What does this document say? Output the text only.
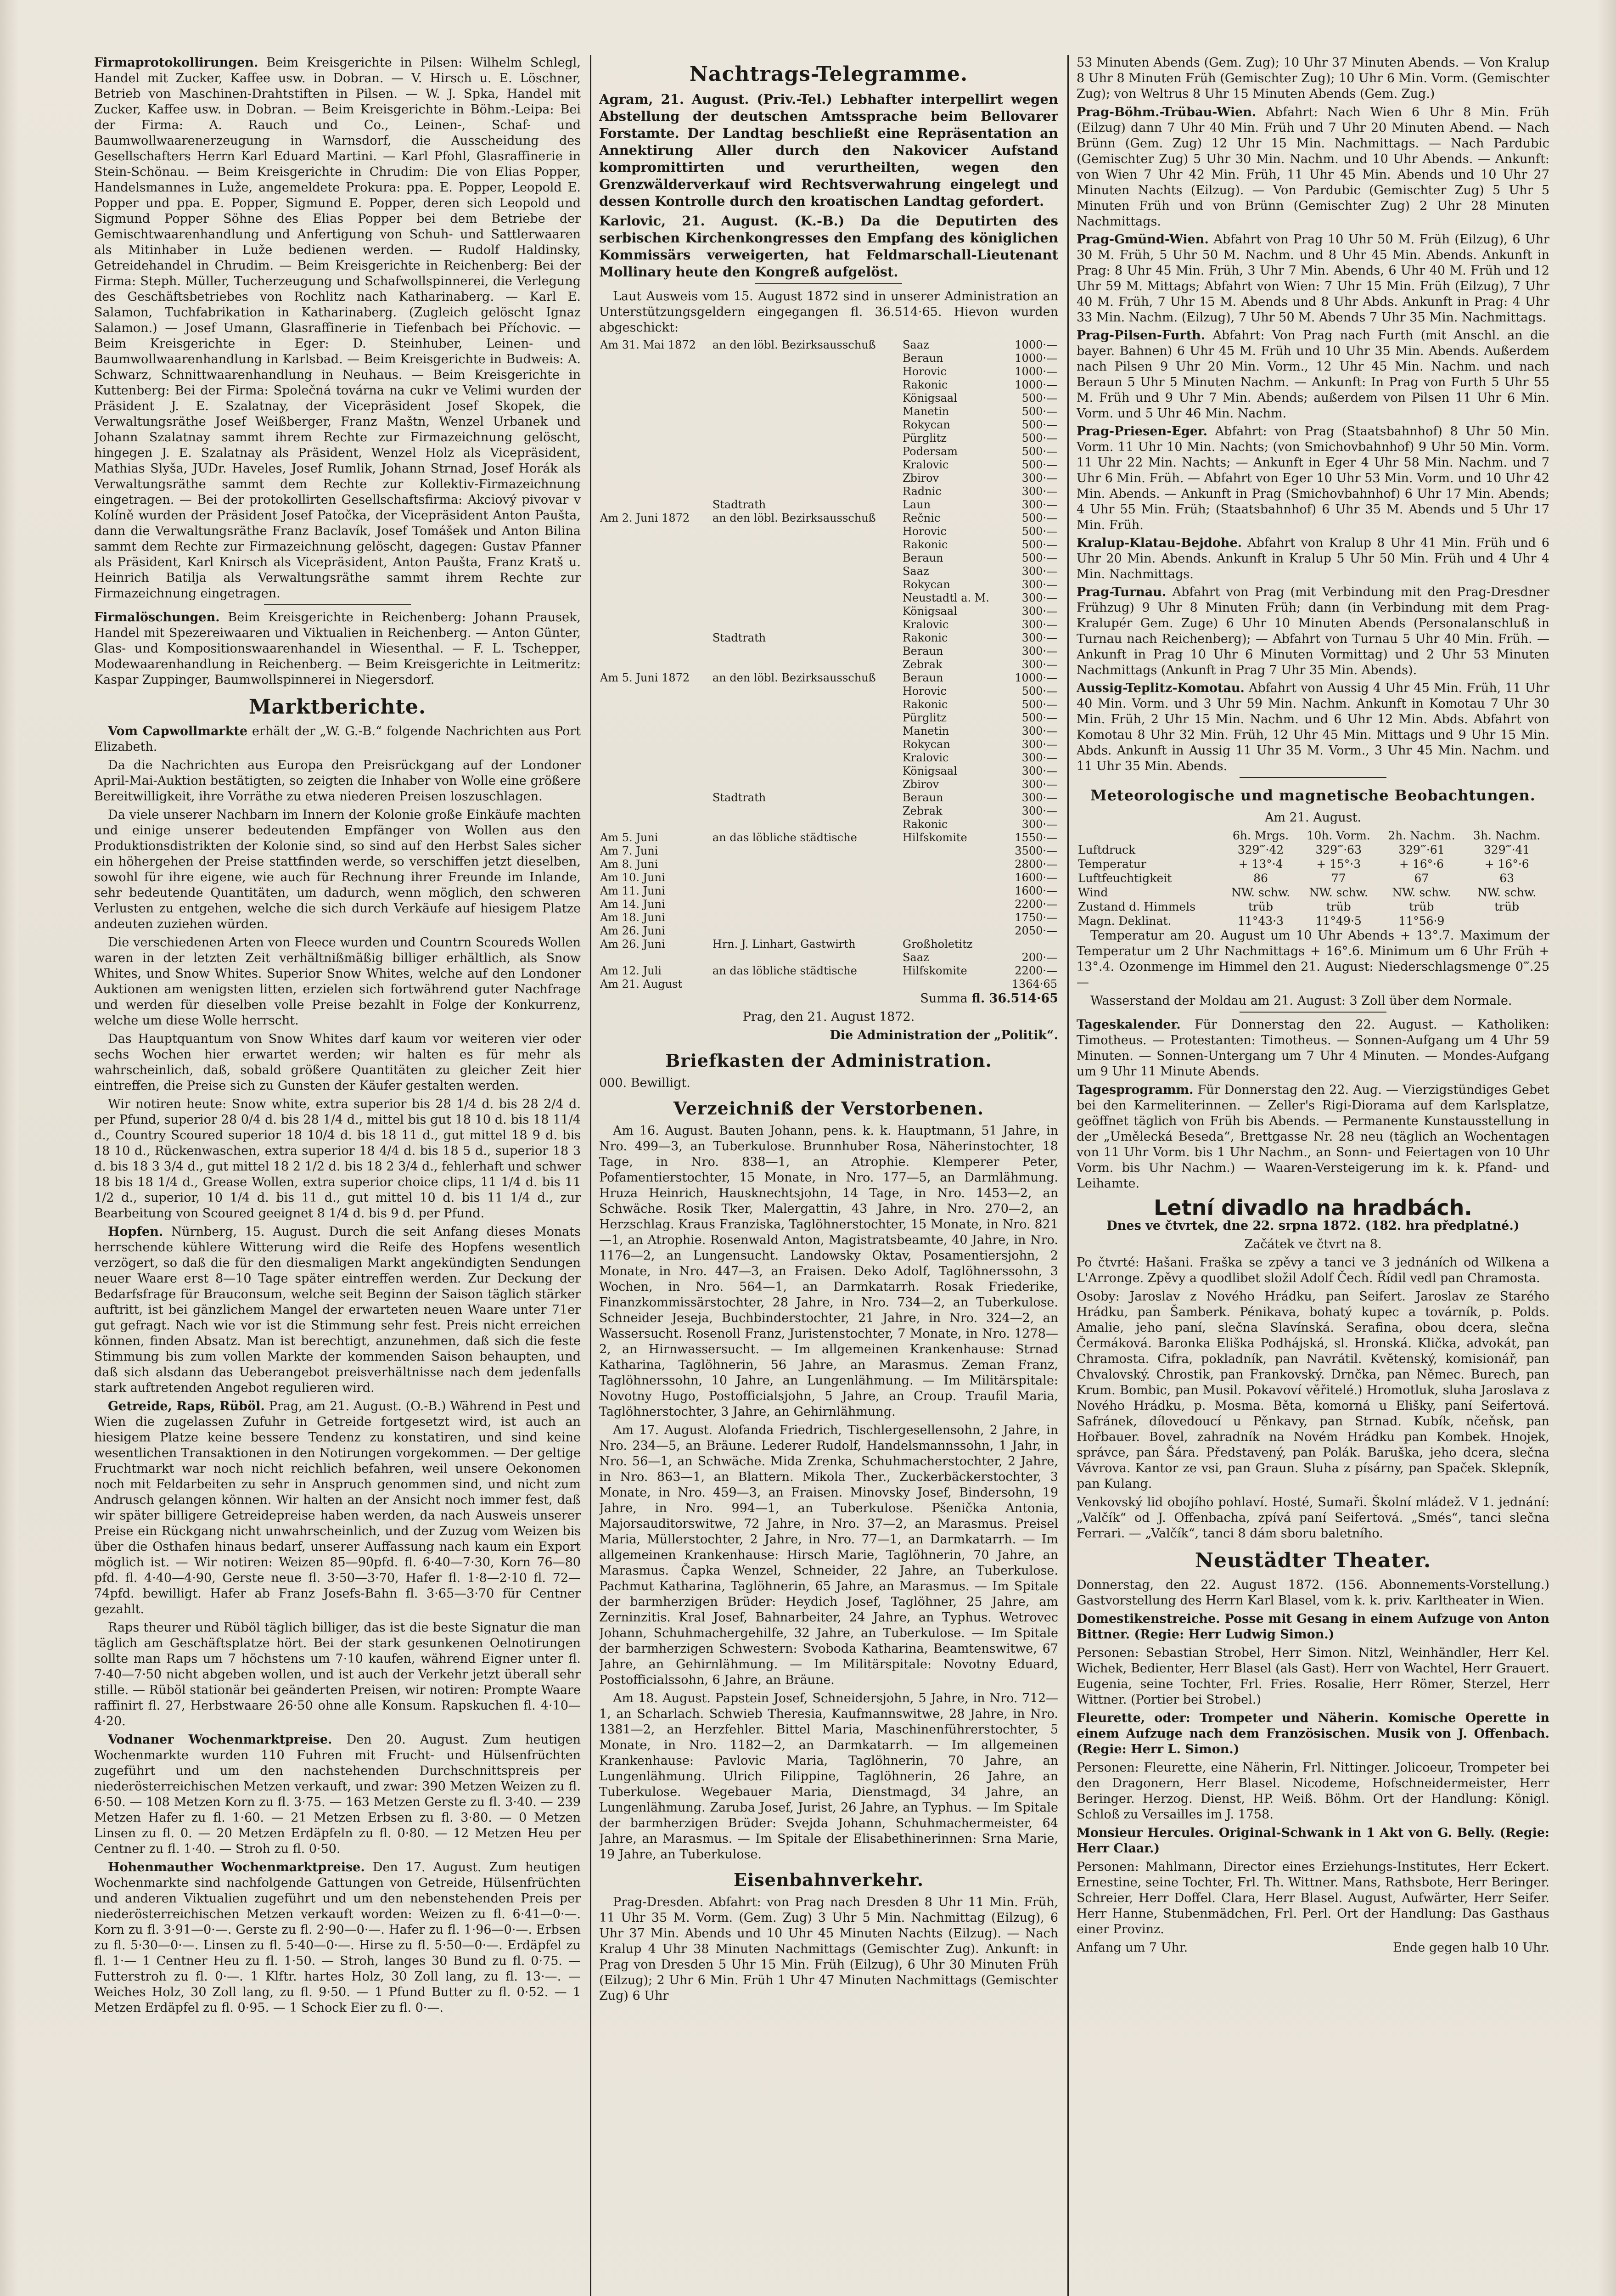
Firmaprotokollirungen. Beim Kreisgerichte in Pilsen: Wilhelm Schlegl, Handel mit Zucker, Kaffee usw. in Dobran. — V. Hirsch u. E. Löschner, Betrieb von Maschinen-Drahtstiften in Pilsen. — W. J. Spka, Handel mit Zucker, Kaffee usw. in Dobran. — Beim Kreisgerichte in Böhm.-Leipa: Bei der Firma: A. Rauch und Co., Leinen-, Schaf- und Baumwollwaarenerzeugung in Warnsdorf, die Ausscheidung des Gesellschafters Herrn Karl Eduard Martini. — Karl Pfohl, Glasraffinerie in Stein-Schönau. — Beim Kreisgerichte in Chrudim: Die von Elias Popper, Handelsmannes in Luže, angemeldete Prokura: ppa. E. Popper, Leopold E. Popper und ppa. E. Popper, Sigmund E. Popper, deren sich Leopold und Sigmund Popper Söhne des Elias Popper bei dem Betriebe der Gemischtwaarenhandlung und Anfertigung von Schuh- und Sattlerwaaren als Mitinhaber in Luže bedienen werden. — Rudolf Haldinsky, Getreidehandel in Chrudim. — Beim Kreisgerichte in Reichenberg: Bei der Firma: Steph. Müller, Tucherzeugung und Schafwollspinnerei, die Verlegung des Geschäftsbetriebes von Rochlitz nach Katharinaberg. — Karl E. Salamon, Tuchfabrikation in Katharinaberg. (Zugleich gelöscht Ignaz Salamon.) — Josef Umann, Glasraffinerie in Tiefenbach bei Příchovic. — Beim Kreisgerichte in Eger: D. Steinhuber, Leinen- und Baumwollwaarenhandlung in Karlsbad. — Beim Kreisgerichte in Budweis: A. Schwarz, Schnittwaarenhandlung in Neuhaus. — Beim Kreisgerichte in Kuttenberg: Bei der Firma: Společná továrna na cukr ve Velimi wurden der Präsident J. E. Szalatnay, der Vicepräsident Josef Skopek, die Verwaltungsräthe Josef Weißberger, Franz Maštn, Wenzel Urbanek und Johann Szalatnay sammt ihrem Rechte zur Firmazeichnung gelöscht, hingegen J. E. Szalatnay als Präsident, Wenzel Holz als Vicepräsident, Mathias Slyša, JUDr. Haveles, Josef Rumlik, Johann Strnad, Josef Horák als Verwaltungsräthe sammt dem Rechte zur Kollektiv-Firmazeichnung eingetragen. — Bei der protokollirten Gesellschaftsfirma: Akciový pivovar v Kolíně wurden der Präsident Josef Patočka, der Vicepräsident Anton Paušta, dann die Verwaltungsräthe Franz Baclavík, Josef Tomášek und Anton Bilina sammt dem Rechte zur Firmazeichnung gelöscht, dagegen: Gustav Pfanner als Präsident, Karl Knirsch als Vicepräsident, Anton Paušta, Franz Kratš u. Heinrich Batilja als Verwaltungsräthe sammt ihrem Rechte zur Firmazeichnung eingetragen.

Firmalöschungen. Beim Kreisgerichte in Reichenberg: Johann Prausek, Handel mit Spezereiwaaren und Viktualien in Reichenberg. — Anton Günter, Glas- und Kompositionswaarenhandel in Wiesenthal. — F. L. Tschepper, Modewaarenhandlung in Reichenberg. — Beim Kreisgerichte in Leitmeritz: Kaspar Zuppinger, Baumwollspinnerei in Niegersdorf.

Marktberichte.

Vom Capwollmarkte erhält der „W. G.-B.“ folgende Nachrichten aus Port Elizabeth.

Da die Nachrichten aus Europa den Preisrückgang auf der Londoner April-Mai-Auktion bestätigten, so zeigten die Inhaber von Wolle eine größere Bereitwilligkeit, ihre Vorräthe zu etwa niederen Preisen loszuschlagen.

Da viele unserer Nachbarn im Innern der Kolonie große Einkäufe machten und einige unserer bedeutenden Empfänger von Wollen aus den Produktionsdistrikten der Kolonie sind, so sind auf den Herbst Sales sicher ein höhergehen der Preise stattfinden werde, so verschiffen jetzt dieselben, sowohl für ihre eigene, wie auch für Rechnung ihrer Freunde im Inlande, sehr bedeutende Quantitäten, um dadurch, wenn möglich, den schweren Verlusten zu entgehen, welche die sich durch Verkäufe auf hiesigem Platze andeuten zuziehen würden.

Die verschiedenen Arten von Fleece wurden und Countrn Scoureds Wollen waren in der letzten Zeit verhältnißmäßig billiger erhältlich, als Snow Whites, und Snow Whites. Superior Snow Whites, welche auf den Londoner Auktionen am wenigsten litten, erzielen sich fortwährend guter Nachfrage und werden für dieselben volle Preise bezahlt in Folge der Konkurrenz, welche um diese Wolle herrscht.

Das Hauptquantum von Snow Whites darf kaum vor weiteren vier oder sechs Wochen hier erwartet werden; wir halten es für mehr als wahrscheinlich, daß, sobald größere Quantitäten zu gleicher Zeit hier eintreffen, die Preise sich zu Gunsten der Käufer gestalten werden.

Wir notiren heute: Snow white, extra superior bis 28 1/4 d. bis 28 2/4 d. per Pfund, superior 28 0/4 d. bis 28 1/4 d., mittel bis gut 18 10 d. bis 18 11/4 d., Country Scoured superior 18 10/4 d. bis 18 11 d., gut mittel 18 9 d. bis 18 10 d., Rückenwaschen, extra superior 18 4/4 d. bis 18 5 d., superior 18 3 d. bis 18 3 3/4 d., gut mittel 18 2 1/2 d. bis 18 2 3/4 d., fehlerhaft und schwer 18 bis 18 1/4 d., Grease Wollen, extra superior choice clips, 11 1/4 d. bis 11 1/2 d., superior, 10 1/4 d. bis 11 d., gut mittel 10 d. bis 11 1/4 d., zur Bearbeitung von Scoured geeignet 8 1/4 d. bis 9 d. per Pfund.

Hopfen. Nürnberg, 15. August. Durch die seit Anfang dieses Monats herrschende kühlere Witterung wird die Reife des Hopfens wesentlich verzögert, so daß die für den diesmaligen Markt angekündigten Sendungen neuer Waare erst 8—10 Tage später eintreffen werden. Zur Deckung der Bedarfsfrage für Brauconsum, welche seit Beginn der Saison täglich stärker auftritt, ist bei gänzlichem Mangel der erwarteten neuen Waare unter 71er gut gefragt. Nach wie vor ist die Stimmung sehr fest. Preis nicht erreichen können, finden Absatz. Man ist berechtigt, anzunehmen, daß sich die feste Stimmung bis zum vollen Markte der kommenden Saison behaupten, und daß sich alsdann das Ueberangebot preisverhältnisse nach dem jedenfalls stark auftretenden Angebot regulieren wird.

Getreide, Raps, Rüböl. Prag, am 21. August. (O.-B.) Während in Pest und Wien die zugelassen Zufuhr in Getreide fortgesetzt wird, ist auch an hiesigem Platze keine bessere Tendenz zu konstatiren, und sind keine wesentlichen Transaktionen in den Notirungen vorgekommen. — Der geltige Fruchtmarkt war noch nicht reichlich befahren, weil unsere Oekonomen noch mit Feldarbeiten zu sehr in Anspruch genommen sind, und nicht zum Andrusch gelangen können. Wir halten an der Ansicht noch immer fest, daß wir später billigere Getreidepreise haben werden, da nach Ausweis unserer Preise ein Rückgang nicht unwahrscheinlich, und der Zuzug vom Weizen bis über die Osthafen hinaus bedarf, unserer Auffassung nach kaum ein Export möglich ist. — Wir notiren: Weizen 85—90pfd. fl. 6·40—7·30, Korn 76—80 pfd. fl. 4·40—4·90, Gerste neue fl. 3·50—3·70, Hafer fl. 1·8—2·10 fl. 72—74pfd. bewilligt. Hafer ab Franz Josefs-Bahn fl. 3·65—3·70 für Centner gezahlt.

Raps theurer und Rüböl täglich billiger, das ist die beste Signatur die man täglich am Geschäftsplatze hört. Bei der stark gesunkenen Oelnotirungen sollte man Raps um 7 höchstens um 7·10 kaufen, während Eigner unter fl. 7·40—7·50 nicht abgeben wollen, und ist auch der Verkehr jetzt überall sehr stille. — Rüböl stationär bei geänderten Preisen, wir notiren: Prompte Waare raffinirt fl. 27, Herbstwaare 26·50 ohne alle Konsum. Rapskuchen fl. 4·10—4·20.

Vodnaner Wochenmarktpreise. Den 20. August. Zum heutigen Wochenmarkte wurden 110 Fuhren mit Frucht- und Hülsenfrüchten zugeführt und um den nachstehenden Durchschnittspreis per niederösterreichischen Metzen verkauft, und zwar: 390 Metzen Weizen zu fl. 6·50. — 108 Metzen Korn zu fl. 3·75. — 163 Metzen Gerste zu fl. 3·40. — 239 Metzen Hafer zu fl. 1·60. — 21 Metzen Erbsen zu fl. 3·80. — 0 Metzen Linsen zu fl. 0. — 20 Metzen Erdäpfeln zu fl. 0·80. — 12 Metzen Heu per Centner zu fl. 1·40. — Stroh zu fl. 0·50.

Hohenmauther Wochenmarktpreise. Den 17. August. Zum heutigen Wochenmarkte sind nachfolgende Gattungen von Getreide, Hülsenfrüchten und anderen Viktualien zugeführt und um den nebenstehenden Preis per niederösterreichischen Metzen verkauft worden: Weizen zu fl. 6·41—0·—. Korn zu fl. 3·91—0·—. Gerste zu fl. 2·90—0·—. Hafer zu fl. 1·96—0·—. Erbsen zu fl. 5·30—0·—. Linsen zu fl. 5·40—0·—. Hirse zu fl. 5·50—0·—. Erdäpfel zu fl. 1·— 1 Centner Heu zu fl. 1·50. — Stroh, langes 30 Bund zu fl. 0·75. — Futterstroh zu fl. 0·—. 1 Klftr. hartes Holz, 30 Zoll lang, zu fl. 13·—. — Weiches Holz, 30 Zoll lang, zu fl. 9·50. — 1 Pfund Butter zu fl. 0·52. — 1 Metzen Erdäpfel zu fl. 0·95. — 1 Schock Eier zu fl. 0·—.

Nachtrags-Telegramme.

Agram, 21. August. (Priv.-Tel.) Lebhafter interpellirt wegen Abstellung der deutschen Amtssprache beim Bellovarer Forstamte. Der Landtag beschließt eine Repräsentation an Annektirung Aller durch den Nakovicer Aufstand kompromittirten und verurtheilten, wegen den Grenzwälderverkauf wird Rechtsverwahrung eingelegt und dessen Kontrolle durch den kroatischen Landtag gefordert.

Karlovic, 21. August. (K.-B.) Da die Deputirten des serbischen Kirchenkongresses den Empfang des königlichen Kommissärs verweigerten, hat Feldmarschall-Lieutenant Mollinary heute den Kongreß aufgelöst.

Laut Ausweis vom 15. August 1872 sind in unserer Administration an Unterstützungsgeldern eingegangen fl. 36.514·65. Hievon wurden abgeschickt:

Am 31. Mai 1872	an den löbl. Bezirksausschuß	Saaz	1000·—
		Beraun	1000·—
		Horovic	1000·—
		Rakonic	1000·—
		Königsaal	500·—
		Manetin	500·—
		Rokycan	500·—
		Pürglitz	500·—
		Podersam	500·—
		Kralovic	500·—
		Zbirov	300·—
		Radnic	300·—
	Stadtrath	Laun	300·—
Am 2. Juni 1872	an den löbl. Bezirksausschuß	Rečnic	500·—
		Horovic	500·—
		Rakonic	500·—
		Beraun	500·—
		Saaz	300·—
		Rokycan	300·—
		Neustadtl a. M.	300·—
		Königsaal	300·—
		Kralovic	300·—
	Stadtrath	Rakonic	300·—
		Beraun	300·—
		Zebrak	300·—
Am 5. Juni 1872	an den löbl. Bezirksausschuß	Beraun	1000·—
		Horovic	500·—
		Rakonic	500·—
		Pürglitz	500·—
		Manetin	300·—
		Rokycan	300·—
		Kralovic	300·—
		Königsaal	300·—
		Zbirov	300·—
	Stadtrath	Beraun	300·—
		Zebrak	300·—
		Rakonic	300·—
Am 5. Juni	an das löbliche städtische	Hilfskomite	1550·—
Am 7. Juni			3500·—
Am 8. Juni			2800·—
Am 10. Juni			1600·—
Am 11. Juni			1600·—
Am 14. Juni			2200·—
Am 18. Juni			1750·—
Am 26. Juni			2050·—
Am 26. Juni	Hrn. J. Linhart, Gastwirth	Großholetitz	
		Saaz	200·—
Am 12. Juli	an das löbliche städtische	Hilfskomite	2200·—
Am 21. August			1364·65

Summa fl. 36.514·65

Prag, den 21. August 1872.

Die Administration der „Politik“.

Briefkasten der Administration.

000. Bewilligt.

Verzeichniß der Verstorbenen.

Am 16. August. Bauten Johann, pens. k. k. Hauptmann, 51 Jahre, in Nro. 499—3, an Tuberkulose. Brunnhuber Rosa, Näherinstochter, 18 Tage, in Nro. 838—1, an Atrophie. Klemperer Peter, Pofamentierstochter, 15 Monate, in Nro. 177—5, an Darmlähmung. Hruza Heinrich, Hausknechtsjohn, 14 Tage, in Nro. 1453—2, an Schwäche. Rosik Tker, Malergattin, 43 Jahre, in Nro. 270—2, an Herzschlag. Kraus Franziska, Taglöhnerstochter, 15 Monate, in Nro. 821—1, an Atrophie. Rosenwald Anton, Magistratsbeamte, 40 Jahre, in Nro. 1176—2, an Lungensucht. Landowsky Oktav, Posamentiersjohn, 2 Monate, in Nro. 447—3, an Fraisen. Deko Adolf, Taglöhnerssohn, 3 Wochen, in Nro. 564—1, an Darmkatarrh. Rosak Friederike, Finanzkommissärstochter, 28 Jahre, in Nro. 734—2, an Tuberkulose. Schneider Jeseja, Buchbinderstochter, 21 Jahre, in Nro. 324—2, an Wassersucht. Rosenoll Franz, Juristenstochter, 7 Monate, in Nro. 1278—2, an Hirnwassersucht. — Im allgemeinen Krankenhause: Strnad Katharina, Taglöhnerin, 56 Jahre, an Marasmus. Zeman Franz, Taglöhnerssohn, 10 Jahre, an Lungenlähmung. — Im Militärspitale: Novotny Hugo, Postofficialsjohn, 5 Jahre, an Croup. Traufil Maria, Taglöhnerstochter, 3 Jahre, an Gehirnlähmung.

Am 17. August. Alofanda Friedrich, Tischlergesellensohn, 2 Jahre, in Nro. 234—5, an Bräune. Lederer Rudolf, Handelsmannssohn, 1 Jahr, in Nro. 56—1, an Schwäche. Mida Zrenka, Schuhmacherstochter, 2 Jahre, in Nro. 863—1, an Blattern. Mikola Ther., Zuckerbäckerstochter, 3 Monate, in Nro. 459—3, an Fraisen. Minovsky Josef, Bindersohn, 19 Jahre, in Nro. 994—1, an Tuberkulose. Pšenička Antonia, Majorsauditorswitwe, 72 Jahre, in Nro. 37—2, an Marasmus. Preisel Maria, Müllerstochter, 2 Jahre, in Nro. 77—1, an Darmkatarrh. — Im allgemeinen Krankenhause: Hirsch Marie, Taglöhnerin, 70 Jahre, an Marasmus. Čapka Wenzel, Schneider, 22 Jahre, an Tuberkulose. Pachmut Katharina, Taglöhnerin, 65 Jahre, an Marasmus. — Im Spitale der barmherzigen Brüder: Heydich Josef, Taglöhner, 25 Jahre, am Zerninzitis. Kral Josef, Bahnarbeiter, 24 Jahre, an Typhus. Wetrovec Johann, Schuhmachergehilfe, 32 Jahre, an Tuberkulose. — Im Spitale der barmherzigen Schwestern: Svoboda Katharina, Beamtenswitwe, 67 Jahre, an Gehirnlähmung. — Im Militärspitale: Novotny Eduard, Postofficialssohn, 6 Jahre, an Bräune.

Am 18. August. Papstein Josef, Schneidersjohn, 5 Jahre, in Nro. 712—1, an Scharlach. Schwieb Theresia, Kaufmannswitwe, 28 Jahre, in Nro. 1381—2, an Herzfehler. Bittel Maria, Maschinenführerstochter, 5 Monate, in Nro. 1182—2, an Darmkatarrh. — Im allgemeinen Krankenhause: Pavlovic Maria, Taglöhnerin, 70 Jahre, an Lungenlähmung. Ulrich Filippine, Taglöhnerin, 26 Jahre, an Tuberkulose. Wegebauer Maria, Dienstmagd, 34 Jahre, an Lungenlähmung. Zaruba Josef, Jurist, 26 Jahre, an Typhus. — Im Spitale der barmherzigen Brüder: Svejda Johann, Schuhmachermeister, 64 Jahre, an Marasmus. — Im Spitale der Elisabethinerinnen: Srna Marie, 19 Jahre, an Tuberkulose.

Eisenbahnverkehr.

Prag-Dresden. Abfahrt: von Prag nach Dresden 8 Uhr 11 Min. Früh, 11 Uhr 35 M. Vorm. (Gem. Zug) 3 Uhr 5 Min. Nachmittag (Eilzug), 6 Uhr 37 Min. Abends und 10 Uhr 45 Minuten Nachts (Eilzug). — Nach Kralup 4 Uhr 38 Minuten Nachmittags (Gemischter Zug). Ankunft: in Prag von Dresden 5 Uhr 15 Min. Früh (Eilzug), 6 Uhr 30 Minuten Früh (Eilzug); 2 Uhr 6 Min. Früh 1 Uhr 47 Minuten Nachmittags (Gemischter Zug) 6 Uhr

53 Minuten Abends (Gem. Zug); 10 Uhr 37 Minuten Abends. — Von Kralup 8 Uhr 8 Minuten Früh (Gemischter Zug); 10 Uhr 6 Min. Vorm. (Gemischter Zug); von Weltrus 8 Uhr 15 Minuten Abends (Gem. Zug.)

Prag-Böhm.-Trübau-Wien. Abfahrt: Nach Wien 6 Uhr 8 Min. Früh (Eilzug) dann 7 Uhr 40 Min. Früh und 7 Uhr 20 Minuten Abend. — Nach Brünn (Gem. Zug) 12 Uhr 15 Min. Nachmittags. — Nach Pardubic (Gemischter Zug) 5 Uhr 30 Min. Nachm. und 10 Uhr Abends. — Ankunft: von Wien 7 Uhr 42 Min. Früh, 11 Uhr 45 Min. Abends und 10 Uhr 27 Minuten Nachts (Eilzug). — Von Pardubic (Gemischter Zug) 5 Uhr 5 Minuten Früh und von Brünn (Gemischter Zug) 2 Uhr 28 Minuten Nachmittags.

Prag-Gmünd-Wien. Abfahrt von Prag 10 Uhr 50 M. Früh (Eilzug), 6 Uhr 30 M. Früh, 5 Uhr 50 M. Nachm. und 8 Uhr 45 Min. Abends. Ankunft in Prag: 8 Uhr 45 Min. Früh, 3 Uhr 7 Min. Abends, 6 Uhr 40 M. Früh und 12 Uhr 59 M. Mittags; Abfahrt von Wien: 7 Uhr 15 Min. Früh (Eilzug), 7 Uhr 40 M. Früh, 7 Uhr 15 M. Abends und 8 Uhr Abds. Ankunft in Prag: 4 Uhr 33 Min. Nachm. (Eilzug), 7 Uhr 50 M. Abends 7 Uhr 35 Min. Nachmittags.

Prag-Pilsen-Furth. Abfahrt: Von Prag nach Furth (mit Anschl. an die bayer. Bahnen) 6 Uhr 45 M. Früh und 10 Uhr 35 Min. Abends. Außerdem nach Pilsen 9 Uhr 20 Min. Vorm., 12 Uhr 45 Min. Nachm. und nach Beraun 5 Uhr 5 Minuten Nachm. — Ankunft: In Prag von Furth 5 Uhr 55 M. Früh und 9 Uhr 7 Min. Abends; außerdem von Pilsen 11 Uhr 6 Min. Vorm. und 5 Uhr 46 Min. Nachm.

Prag-Priesen-Eger. Abfahrt: von Prag (Staatsbahnhof) 8 Uhr 50 Min. Vorm. 11 Uhr 10 Min. Nachts; (von Smichovbahnhof) 9 Uhr 50 Min. Vorm. 11 Uhr 22 Min. Nachts; — Ankunft in Eger 4 Uhr 58 Min. Nachm. und 7 Uhr 6 Min. Früh. — Abfahrt von Eger 10 Uhr 53 Min. Vorm. und 10 Uhr 42 Min. Abends. — Ankunft in Prag (Smichovbahnhof) 6 Uhr 17 Min. Abends; 4 Uhr 55 Min. Früh; (Staatsbahnhof) 6 Uhr 35 M. Abends und 5 Uhr 17 Min. Früh.

Kralup-Klatau-Bejdohe. Abfahrt von Kralup 8 Uhr 41 Min. Früh und 6 Uhr 20 Min. Abends. Ankunft in Kralup 5 Uhr 50 Min. Früh und 4 Uhr 4 Min. Nachmittags.

Prag-Turnau. Abfahrt von Prag (mit Verbindung mit den Prag-Dresdner Frühzug) 9 Uhr 8 Minuten Früh; dann (in Verbindung mit dem Prag-Kralupér Gem. Zuge) 6 Uhr 10 Minuten Abends (Personalanschluß in Turnau nach Reichenberg); — Abfahrt von Turnau 5 Uhr 40 Min. Früh. — Ankunft in Prag 10 Uhr 6 Minuten Vormittag) und 2 Uhr 53 Minuten Nachmittags (Ankunft in Prag 7 Uhr 35 Min. Abends).

Aussig-Teplitz-Komotau. Abfahrt von Aussig 4 Uhr 45 Min. Früh, 11 Uhr 40 Min. Vorm. und 3 Uhr 59 Min. Nachm. Ankunft in Komotau 7 Uhr 30 Min. Früh, 2 Uhr 15 Min. Nachm. und 6 Uhr 12 Min. Abds. Abfahrt von Komotau 8 Uhr 32 Min. Früh, 12 Uhr 45 Min. Mittags und 9 Uhr 15 Min. Abds. Ankunft in Aussig 11 Uhr 35 M. Vorm., 3 Uhr 45 Min. Nachm. und 11 Uhr 35 Min. Abends.

Meteorologische und magnetische Beobachtungen.

Am 21. August.

	6h. Mrgs.	10h. Vorm.	2h. Nachm.	3h. Nachm.
Luftdruck	329‴·42	329‴·63	329‴·61	329‴·41
Temperatur	+ 13°·4	+ 15°·3	+ 16°·6	+ 16°·6
Luftfeuchtigkeit	86	77	67	63
Wind	NW. schw.	NW. schw.	NW. schw.	NW. schw.
Zustand d. Himmels	trüb	trüb	trüb	trüb
Magn. Deklinat.	11°43·3	11°49·5	11°56·9	

Temperatur am 20. August um 10 Uhr Abends + 13°.7. Maximum der Temperatur um 2 Uhr Nachmittags + 16°.6. Minimum um 6 Uhr Früh + 13°.4. Ozonmenge im Himmel den 21. August: Niederschlagsmenge 0‴.25 —

Wasserstand der Moldau am 21. August: 3 Zoll über dem Normale.

Tageskalender. Für Donnerstag den 22. August. — Katholiken: Timotheus. — Protestanten: Timotheus. — Sonnen-Aufgang um 4 Uhr 59 Minuten. — Sonnen-Untergang um 7 Uhr 4 Minuten. — Mondes-Aufgang um 9 Uhr 11 Minute Abends.

Tagesprogramm. Für Donnerstag den 22. Aug. — Vierzigstündiges Gebet bei den Karmeliterinnen. — Zeller's Rigi-Diorama auf dem Karlsplatze, geöffnet täglich von Früh bis Abends. — Permanente Kunstausstellung in der „Umělecká Beseda“, Brettgasse Nr. 28 neu (täglich an Wochentagen von 11 Uhr Vorm. bis 1 Uhr Nachm., an Sonn- und Feiertagen von 10 Uhr Vorm. bis Uhr Nachm.) — Waaren-Versteigerung im k. k. Pfand- und Leihamte.

Letní divadlo na hradbách.

Dnes ve čtvrtek, dne 22. srpna 1872. (182. hra předplatné.)

Začátek ve čtvrt na 8.

Po čtvrté: Hašani. Fraška se zpěvy a tanci ve 3 jednáních od Wilkena a L'Arronge. Zpěvy a quodlibet složil Adolf Čech. Řídil vedl pan Chramosta.

Osoby: Jaroslav z Nového Hrádku, pan Seifert. Jaroslav ze Starého Hrádku, pan Šamberk. Pénikava, bohatý kupec a továrník, p. Polds. Amalie, jeho paní, slečna Slavínská. Serafina, obou dcera, slečna Čermáková. Baronka Eliška Podhájská, sl. Hronská. Klička, advokát, pan Chramosta. Cifra, pokladník, pan Navrátil. Květenský, komisionář, pan Chvalovský. Chrostik, pan Frankovský. Drnčka, pan Němec. Burech, pan Krum. Bombic, pan Musil. Pokavoví věřitelé.) Hromotluk, sluha Jaroslava z Nového Hrádku, p. Mosma. Běta, komorná u Elišky, paní Seifertová. Safránek, dílovedoucí u Pěnkavy, pan Strnad. Kubík, nčeňsk, pan Hořbauer. Bovel, zahradník na Novém Hrádku pan Kombek. Hnojek, správce, pan Šára. Představený, pan Polák. Baruška, jeho dcera, slečna Vávrova. Kantor ze vsi, pan Graun. Sluha z písárny, pan Spaček. Sklepník, pan Kulang.

Venkovský lid obojího pohlaví. Hosté, Sumaři. Školní mládež. V 1. jednání: „Valčík“ od J. Offenbacha, zpívá paní Seifertová. „Smés“, tanci slečna Ferrari. — „Valčík“, tanci 8 dám sboru baletního.

Neustädter Theater.

Donnerstag, den 22. August 1872. (156. Abonnements-Vorstellung.) Gastvorstellung des Herrn Karl Blasel, vom k. k. priv. Karltheater in Wien.

Domestikenstreiche. Posse mit Gesang in einem Aufzuge von Anton Bittner. (Regie: Herr Ludwig Simon.)

Personen: Sebastian Strobel, Herr Simon. Nitzl, Weinhändler, Herr Kel. Wichek, Bedienter, Herr Blasel (als Gast). Herr von Wachtel, Herr Grauert. Eugenia, seine Tochter, Frl. Fries. Rosalie, Herr Römer, Sterzel, Herr Wittner. (Portier bei Strobel.)

Fleurette, oder: Trompeter und Näherin. Komische Operette in einem Aufzuge nach dem Französischen. Musik von J. Offenbach. (Regie: Herr L. Simon.)

Personen: Fleurette, eine Näherin, Frl. Nittinger. Jolicoeur, Trompeter bei den Dragonern, Herr Blasel. Nicodeme, Hofschneidermeister, Herr Beringer. Herzog. Dienst, HP. Weiß. Böhm. Ort der Handlung: Königl. Schloß zu Versailles im J. 1758.

Monsieur Hercules. Original-Schwank in 1 Akt von G. Belly. (Regie: Herr Claar.)

Personen: Mahlmann, Director eines Erziehungs-Institutes, Herr Eckert. Ernestine, seine Tochter, Frl. Th. Wittner. Mans, Rathsbote, Herr Beringer. Schreier, Herr Doffel. Clara, Herr Blasel. August, Aufwärter, Herr Seifer. Herr Hanne, Stubenmädchen, Frl. Perl. Ort der Handlung: Das Gasthaus einer Provinz.

Anfang um 7 Uhr.	Ende gegen halb 10 Uhr.
